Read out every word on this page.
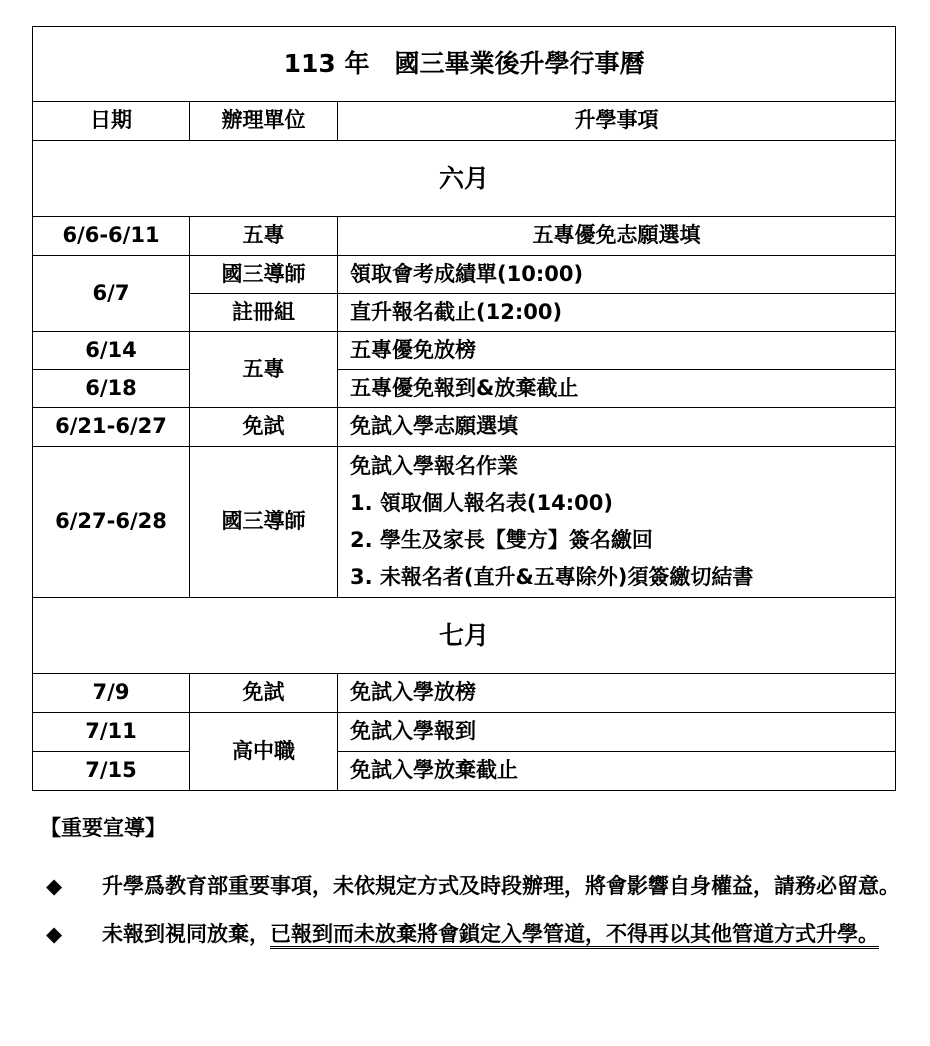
113 年　國三畢業後升學行事曆		
日期	辦理單位	升學事項
六月		
6/6-6/11	五專	五專優免志願選填
6/7	國三導師	領取會考成績單(10:00)
	註冊組	直升報名截止(12:00)
6/14	五專	五專優免放榜
6/18		五專優免報到&放棄截止
6/21-6/27	免試	免試入學志願選填
6/27-6/28	國三導師	免試入學報名作業
1. 領取個人報名表(14:00)
2. 學生及家長【雙方】簽名繳回
3. 未報名者(直升&五專除外)須簽繳切結書

七月		
7/9	免試	免試入學放榜
7/11	高中職	免試入學報到
7/15		免試入學放棄截止
【重要宣導】
◆	升學爲教育部重要事項，未依規定方式及時段辦理，將會影響自身權益，請務必留意。
◆	未報到視同放棄，已報到而未放棄將會鎖定入學管道，不得再以其他管道方式升學。
